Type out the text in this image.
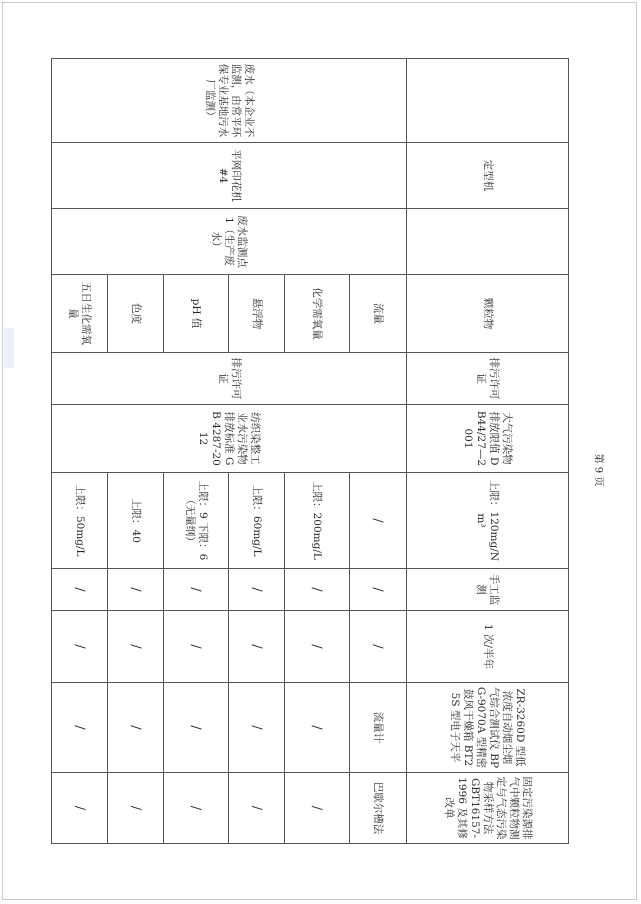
	定型机		颗粒物	排污许可证	大气污染物排放限值 DB44/27—2001	上限：120mg/Nm³	手工监测	1 次/半年	ZR-3260D 型低浓度自动烟尘烟气综合测试仪 BPG-9070A 型精密鼓风干燥箱 BT25S 型电子天平	固定污染源排气中颗粒物测定与气态污染物采样方法 GBT16157-1996 及其修改单
废水（本企业不监测，由常平环保专业基地污水厂监测）	平网印花机#4	废水监测点 1（生产废水）	流量	排污许可证	纺织染整工业水污染物排放标准 GB 4287-2012	/	/	/	流量计	巴歇尔槽法
			化学需氧量			上限：200mg/L	/	/	/	/
			悬浮物			上限：60mg/L	/	/	/	/
			pH 值			上限：9 下限：6 （无量纲）	/	/	/	/
			色度			上限：40	/	/	/	/
			五日生化需氧量			上限：50mg/L	/	/	/	/
第 9 页
